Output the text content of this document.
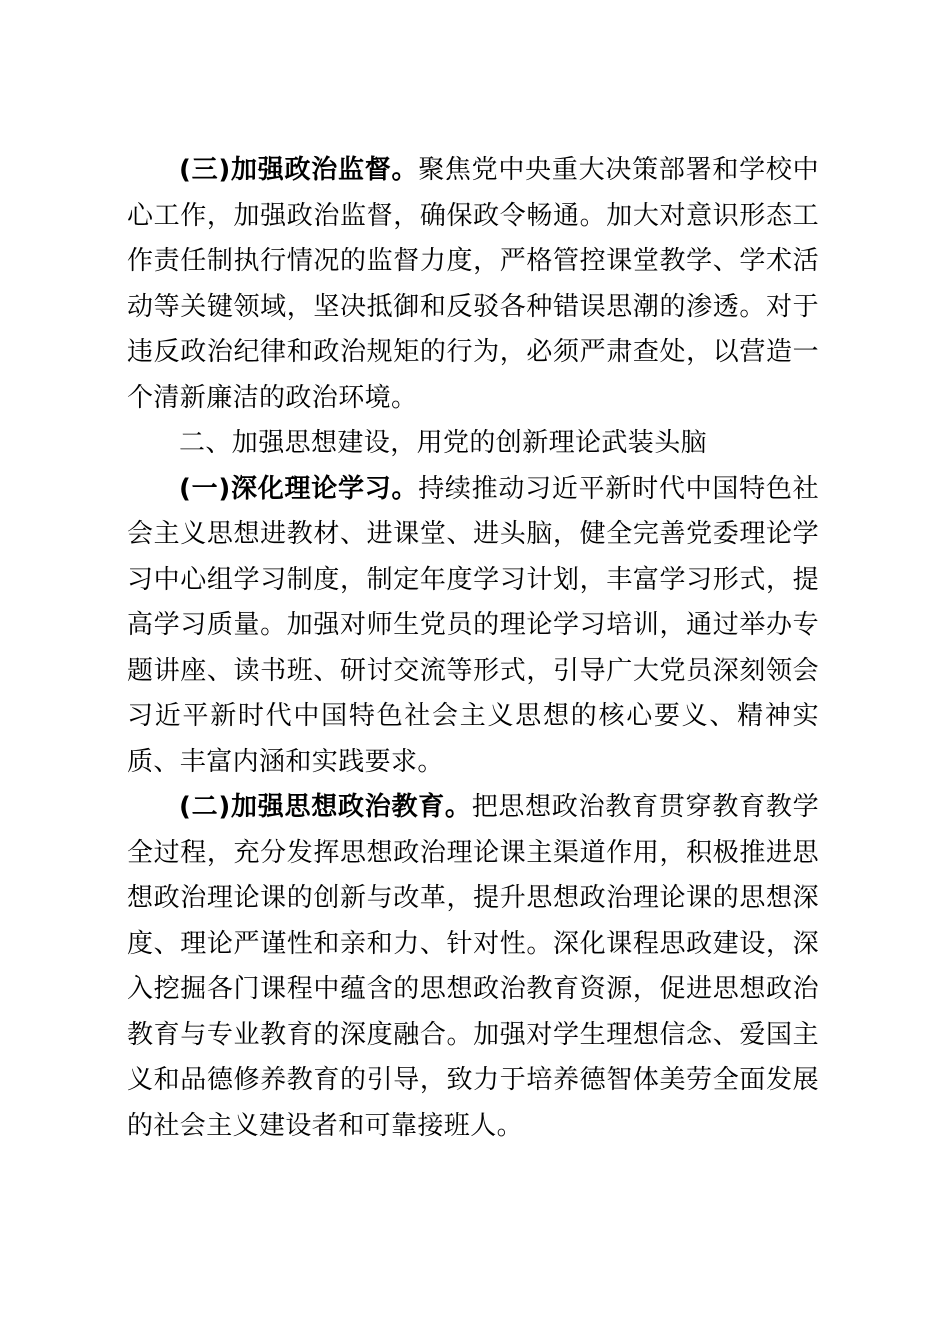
(三)加强政治监督。聚焦党中央重大决策部署和学校中心工作，加强政治监督，确保政令畅通。加大对意识形态工作责任制执行情况的监督力度，严格管控课堂教学、学术活动等关键领域，坚决抵御和反驳各种错误思潮的渗透。对于违反政治纪律和政治规矩的行为，必须严肃查处，以营造一个清新廉洁的政治环境。

二、加强思想建设，用党的创新理论武装头脑

(一)深化理论学习。持续推动习近平新时代中国特色社会主义思想进教材、进课堂、进头脑，健全完善党委理论学习中心组学习制度，制定年度学习计划，丰富学习形式，提高学习质量。加强对师生党员的理论学习培训，通过举办专题讲座、读书班、研讨交流等形式，引导广大党员深刻领会习近平新时代中国特色社会主义思想的核心要义、精神实质、丰富内涵和实践要求。

(二)加强思想政治教育。把思想政治教育贯穿教育教学全过程，充分发挥思想政治理论课主渠道作用，积极推进思想政治理论课的创新与改革，提升思想政治理论课的思想深度、理论严谨性和亲和力、针对性。深化课程思政建设，深入挖掘各门课程中蕴含的思想政治教育资源，促进思想政治教育与专业教育的深度融合。加强对学生理想信念、爱国主义和品德修养教育的引导，致力于培养德智体美劳全面发展的社会主义建设者和可靠接班人。
